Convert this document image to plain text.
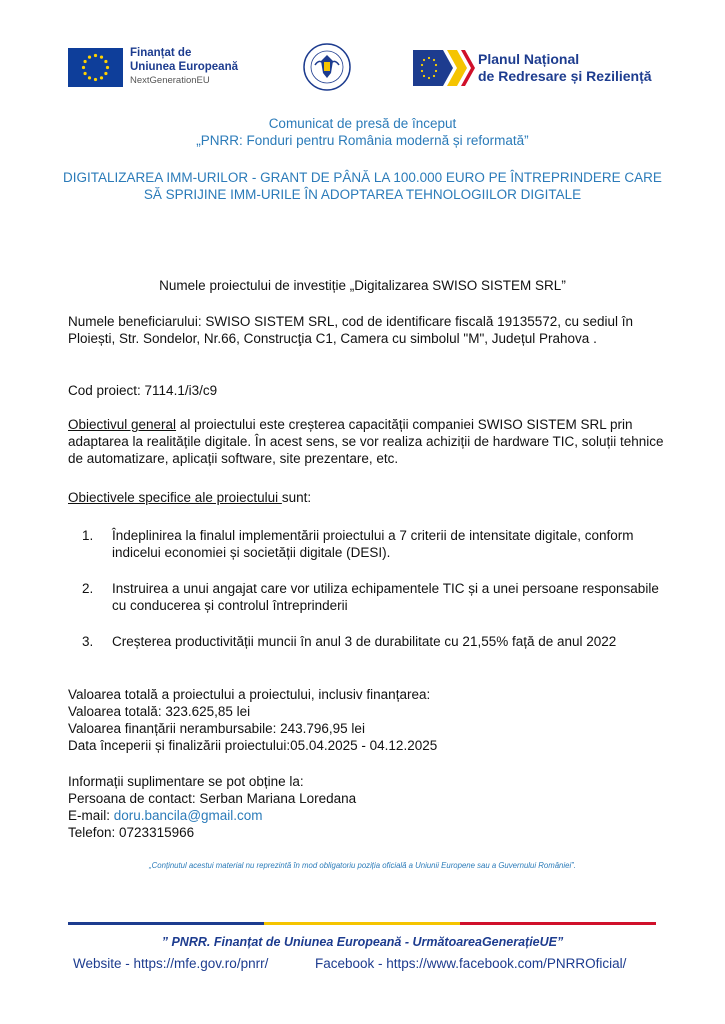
Finanțat de
Uniunea Europeană
NextGenerationEU
Planul Național
de Redresare și Reziliență
Comunicat de presă de început
„PNRR: Fonduri pentru România modernă și reformată”
DIGITALIZAREA IMM-URILOR - GRANT DE PÂNĂ LA 100.000 EURO PE ÎNTREPRINDERE CARE SĂ SPRIJINE IMM-URILE ÎN ADOPTAREA TEHNOLOGIILOR DIGITALE
Numele proiectului de investiție „Digitalizarea SWISO SISTEM SRL”
Numele beneficiarului: SWISO SISTEM SRL, cod de identificare fiscală 19135572, cu sediul în Ploiești, Str. Sondelor, Nr.66, Construcţia C1, Camera cu simbolul "M", Județul Prahova .
Cod proiect: 7114.1/i3/c9
Obiectivul general al proiectului este creșterea capacității companiei SWISO SISTEM SRL prin adaptarea la realitățile digitale. În acest sens, se vor realiza achiziții de hardware TIC, soluții tehnice de automatizare, aplicații software, site prezentare, etc.
Obiectivele specifice ale proiectului sunt:
1. Îndeplinirea la finalul implementării proiectului a 7 criterii de intensitate digitale, conform indicelui economiei și societății digitale (DESI).
2. Instruirea a unui angajat care vor utiliza echipamentele TIC și a unei persoane responsabile cu conducerea și controlul întreprinderii
3. Creșterea productivității muncii în anul 3 de durabilitate cu 21,55% față de anul 2022
Valoarea totală a proiectului a proiectului, inclusiv finanțarea:
Valoarea totală: 323.625,85 lei
Valoarea finanțării nerambursabile: 243.796,95 lei
Data începerii și finalizării proiectului:05.04.2025 - 04.12.2025
Informații suplimentare se pot obține la:
Persoana de contact: Serban Mariana Loredana
E-mail: doru.bancila@gmail.com
Telefon: 0723315966
„Conținutul acestui material nu reprezintă în mod obligatoriu poziția oficială a Uniunii Europene sau a Guvernului României”.
” PNRR. Finanțat de Uniunea Europeană - UrmătoareaGenerațieUE”
Website - https://mfe.gov.ro/pnrr/	Facebook - https://www.facebook.com/PNRROficial/
